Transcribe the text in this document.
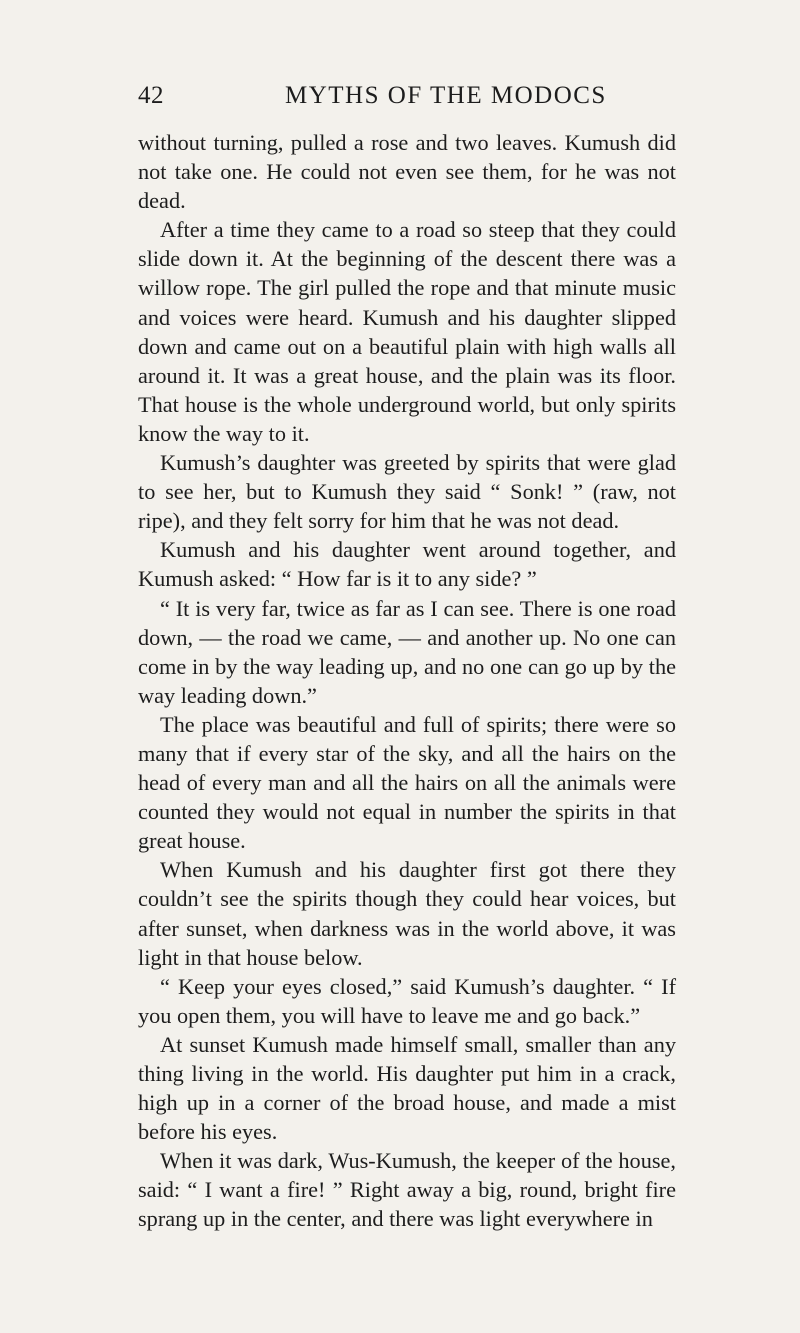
42	MYTHS OF THE MODOCS

without turning, pulled a rose and two leaves. Kumush did not take one. He could not even see them, for he was not dead.

After a time they came to a road so steep that they could slide down it. At the beginning of the descent there was a willow rope. The girl pulled the rope and that minute music and voices were heard. Kumush and his daughter slipped down and came out on a beautiful plain with high walls all around it. It was a great house, and the plain was its floor. That house is the whole underground world, but only spirits know the way to it.

Kumush’s daughter was greeted by spirits that were glad to see her, but to Kumush they said “ Sonk! ” (raw, not ripe), and they felt sorry for him that he was not dead.

Kumush and his daughter went around together, and Kumush asked: “ How far is it to any side? ”

“ It is very far, twice as far as I can see. There is one road down, — the road we came, — and another up. No one can come in by the way leading up, and no one can go up by the way leading down.”

The place was beautiful and full of spirits; there were so many that if every star of the sky, and all the hairs on the head of every man and all the hairs on all the animals were counted they would not equal in number the spirits in that great house.

When Kumush and his daughter first got there they couldn’t see the spirits though they could hear voices, but after sunset, when darkness was in the world above, it was light in that house below.

“ Keep your eyes closed,” said Kumush’s daughter. “ If you open them, you will have to leave me and go back.”

At sunset Kumush made himself small, smaller than any thing living in the world. His daughter put him in a crack, high up in a corner of the broad house, and made a mist before his eyes.

When it was dark, Wus-Kumush, the keeper of the house, said: “ I want a fire! ” Right away a big, round, bright fire sprang up in the center, and there was light everywhere in
